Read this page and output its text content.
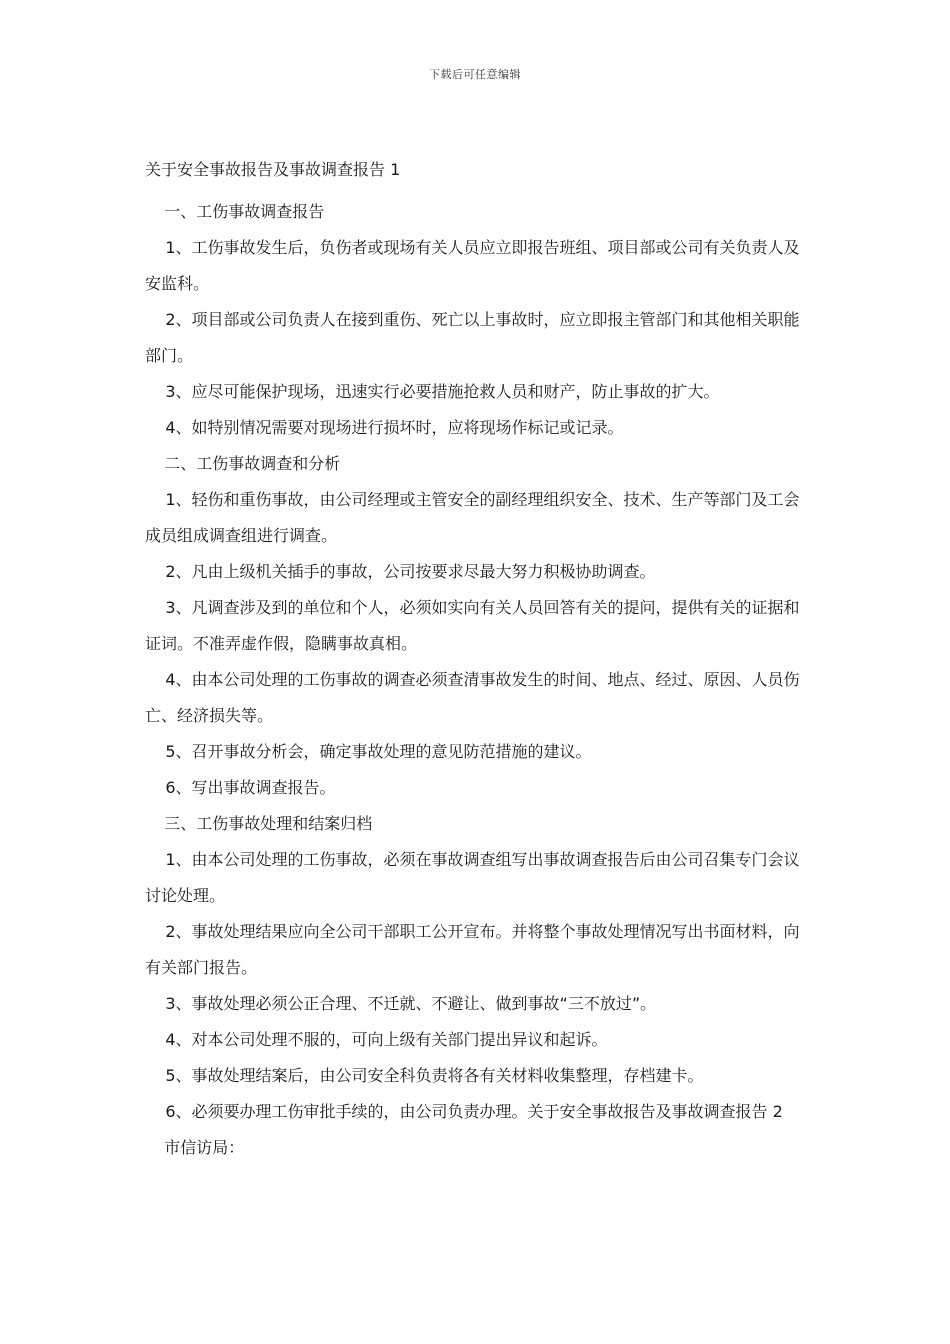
下载后可任意编辑
关于安全事故报告及事故调查报告 1

一、工伤事故调查报告

1、工伤事故发生后，负伤者或现场有关人员应立即报告班组、项目部或公司有关负责人及安监科。

2、项目部或公司负责人在接到重伤、死亡以上事故时，应立即报主管部门和其他相关职能部门。

3、应尽可能保护现场，迅速实行必要措施抢救人员和财产，防止事故的扩大。

4、如特别情况需要对现场进行损坏时，应将现场作标记或记录。

二、工伤事故调查和分析

1、轻伤和重伤事故，由公司经理或主管安全的副经理组织安全、技术、生产等部门及工会成员组成调查组进行调查。

2、凡由上级机关插手的事故，公司按要求尽最大努力积极协助调查。

3、凡调查涉及到的单位和个人，必须如实向有关人员回答有关的提问，提供有关的证据和证词。不准弄虚作假，隐瞒事故真相。

4、由本公司处理的工伤事故的调查必须查清事故发生的时间、地点、经过、原因、人员伤亡、经济损失等。

5、召开事故分析会，确定事故处理的意见防范措施的建议。

6、写出事故调查报告。

三、工伤事故处理和结案归档

1、由本公司处理的工伤事故，必须在事故调查组写出事故调查报告后由公司召集专门会议讨论处理。

2、事故处理结果应向全公司干部职工公开宣布。并将整个事故处理情况写出书面材料，向有关部门报告。

3、事故处理必须公正合理、不迁就、不避让、做到事故“三不放过”。

4、对本公司处理不服的，可向上级有关部门提出异议和起诉。

5、事故处理结案后，由公司安全科负责将各有关材料收集整理，存档建卡。

6、必须要办理工伤审批手续的，由公司负责办理。关于安全事故报告及事故调查报告 2

市信访局：
